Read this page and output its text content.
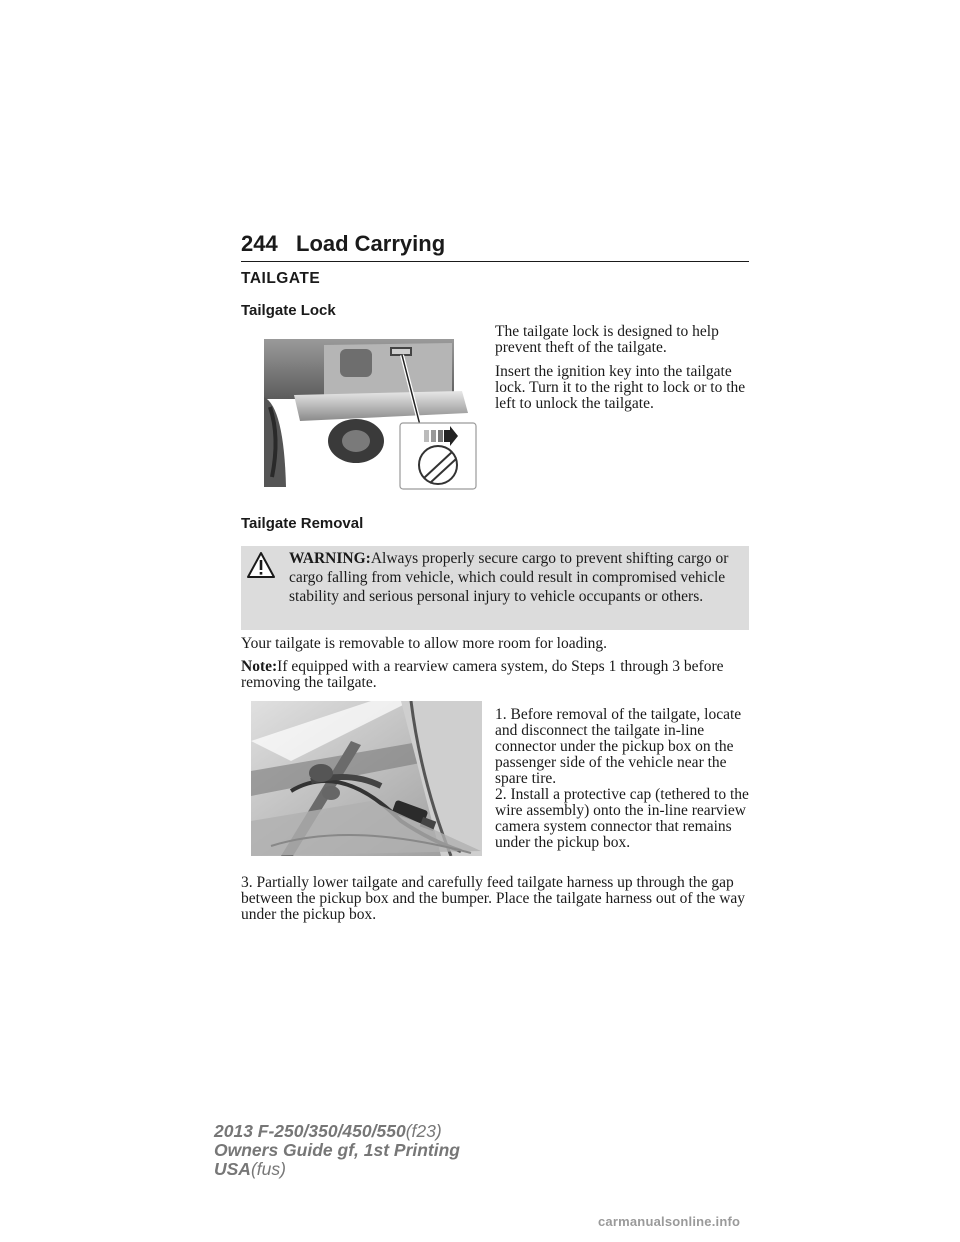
244 Load Carrying
TAILGATE
Tailgate Lock
The tailgate lock is designed to help prevent theft of the tailgate.
Insert the ignition key into the tailgate lock. Turn it to the right to lock or to the left to unlock the tailgate.
Tailgate Removal
WARNING:Always properly secure cargo to prevent shifting cargo or cargo falling from vehicle, which could result in compromised vehicle stability and serious personal injury to vehicle occupants or others.
Your tailgate is removable to allow more room for loading.
Note:If equipped with a rearview camera system, do Steps 1 through 3 before removing the tailgate.
1. Before removal of the tailgate, locate and disconnect the tailgate in-line connector under the pickup box on the passenger side of the vehicle near the spare tire.
2. Install a protective cap (tethered to the wire assembly) onto the in-line rearview camera system connector that remains under the pickup box.
3. Partially lower tailgate and carefully feed tailgate harness up through the gap between the pickup box and the bumper. Place the tailgate harness out of the way under the pickup box.
2013 F-250/350/450/550(f23)
Owners Guide gf, 1st Printing
USA(fus)
carmanualsonline.info
